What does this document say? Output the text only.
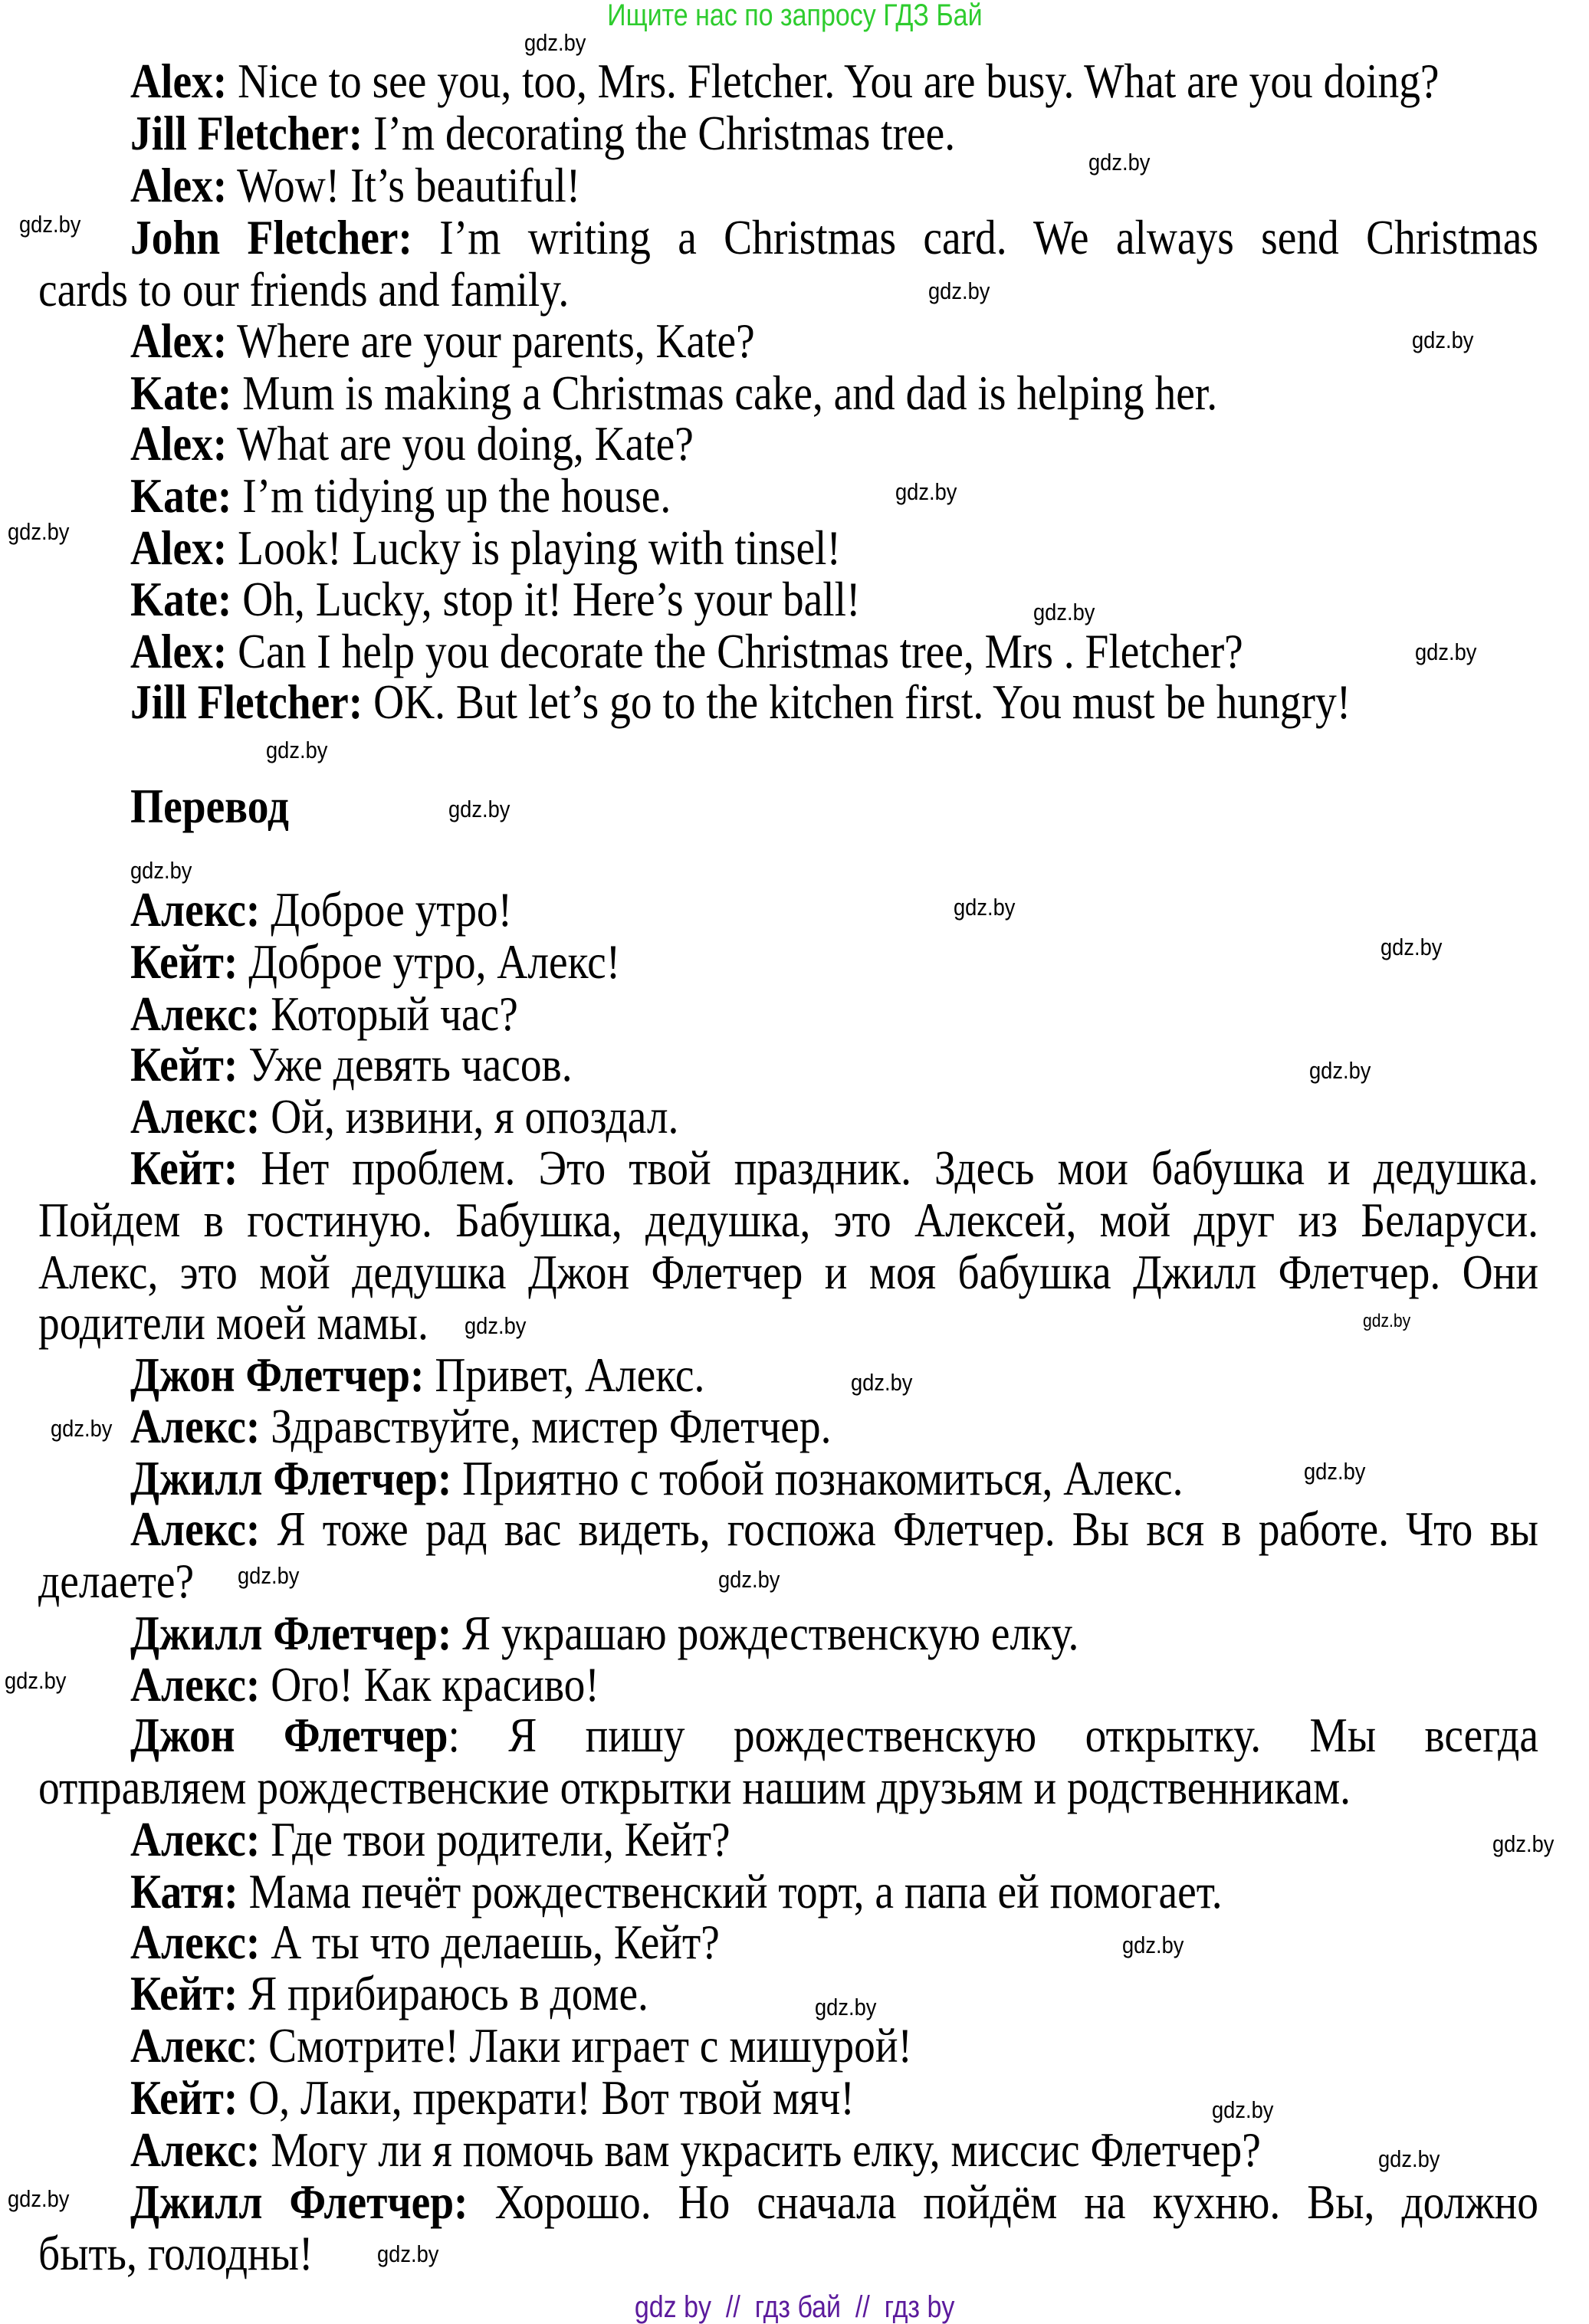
Ищите нас по запросу ГДЗ Бай
Alex: Nice to see you, too, Mrs. Fletcher. You are busy. What are you doing?
Jill Fletcher: I’m decorating the Christmas tree.
Alex: Wow! It’s beautiful!
John Fletcher: I’m writing a Christmas card. We always send Christmas
cards to our friends and family.
Alex: Where are your parents, Kate?
Kate: Mum is making a Christmas cake, and dad is helping her.
Alex: What are you doing, Kate?
Kate: I’m tidying up the house.
Alex: Look! Lucky is playing with tinsel!
Kate: Oh, Lucky, stop it! Here’s your ball!
Alex: Can I help you decorate the Christmas tree, Mrs . Fletcher?
Jill Fletcher: OK. But let’s go to the kitchen first. You must be hungry!
Перевод
Алекс: Доброе утро!
Кейт: Доброе утро, Алекс!
Алекс: Который час?
Кейт: Уже девять часов.
Алекс: Ой, извини, я опоздал.
Кейт: Нет проблем. Это твой праздник. Здесь мои бабушка и дедушка.
Пойдем в гостиную. Бабушка, дедушка, это Алексей, мой друг из Беларуси.
Алекс, это мой дедушка Джон Флетчер и моя бабушка Джилл Флетчер. Они
родители моей мамы.
Джон Флетчер: Привет, Алекс.
Алекс: Здравствуйте, мистер Флетчер.
Джилл Флетчер: Приятно с тобой познакомиться, Алекс.
Алекс: Я тоже рад вас видеть, госпожа Флетчер. Вы вся в работе. Что вы
делаете?
Джилл Флетчер: Я украшаю рождественскую елку.
Алекс: Ого! Как красиво!
Джон Флетчер: Я пишу рождественскую открытку. Мы всегда
отправляем рождественские открытки нашим друзьям и родственникам.
Алекс: Где твои родители, Кейт?
Катя: Мама печёт рождественский торт, а папа ей помогает.
Алекс: А ты что делаешь, Кейт?
Кейт: Я прибираюсь в доме.
Алекс: Смотрите! Лаки играет с мишурой!
Кейт: О, Лаки, прекрати! Вот твой мяч!
Алекс: Могу ли я помочь вам украсить елку, миссис Флетчер?
Джилл Флетчер: Хорошо. Но сначала пойдём на кухню. Вы, должно
быть, голодны!
gdz.by
gdz.by
gdz.by
gdz.by
gdz.by
gdz.by
gdz.by
gdz.by
gdz.by
gdz.by
gdz.by
gdz.by
gdz.by
gdz.by
gdz.by
gdz.by
gdz.by
gdz.by
gdz.by
gdz.by
gdz.by	gdz.by
gdz.by
gdz.by
gdz.by
gdz.by
gdz.by
gdz.by
gdz.by
gdz.by
gdz by  //  гдз бай  //  гдз by
